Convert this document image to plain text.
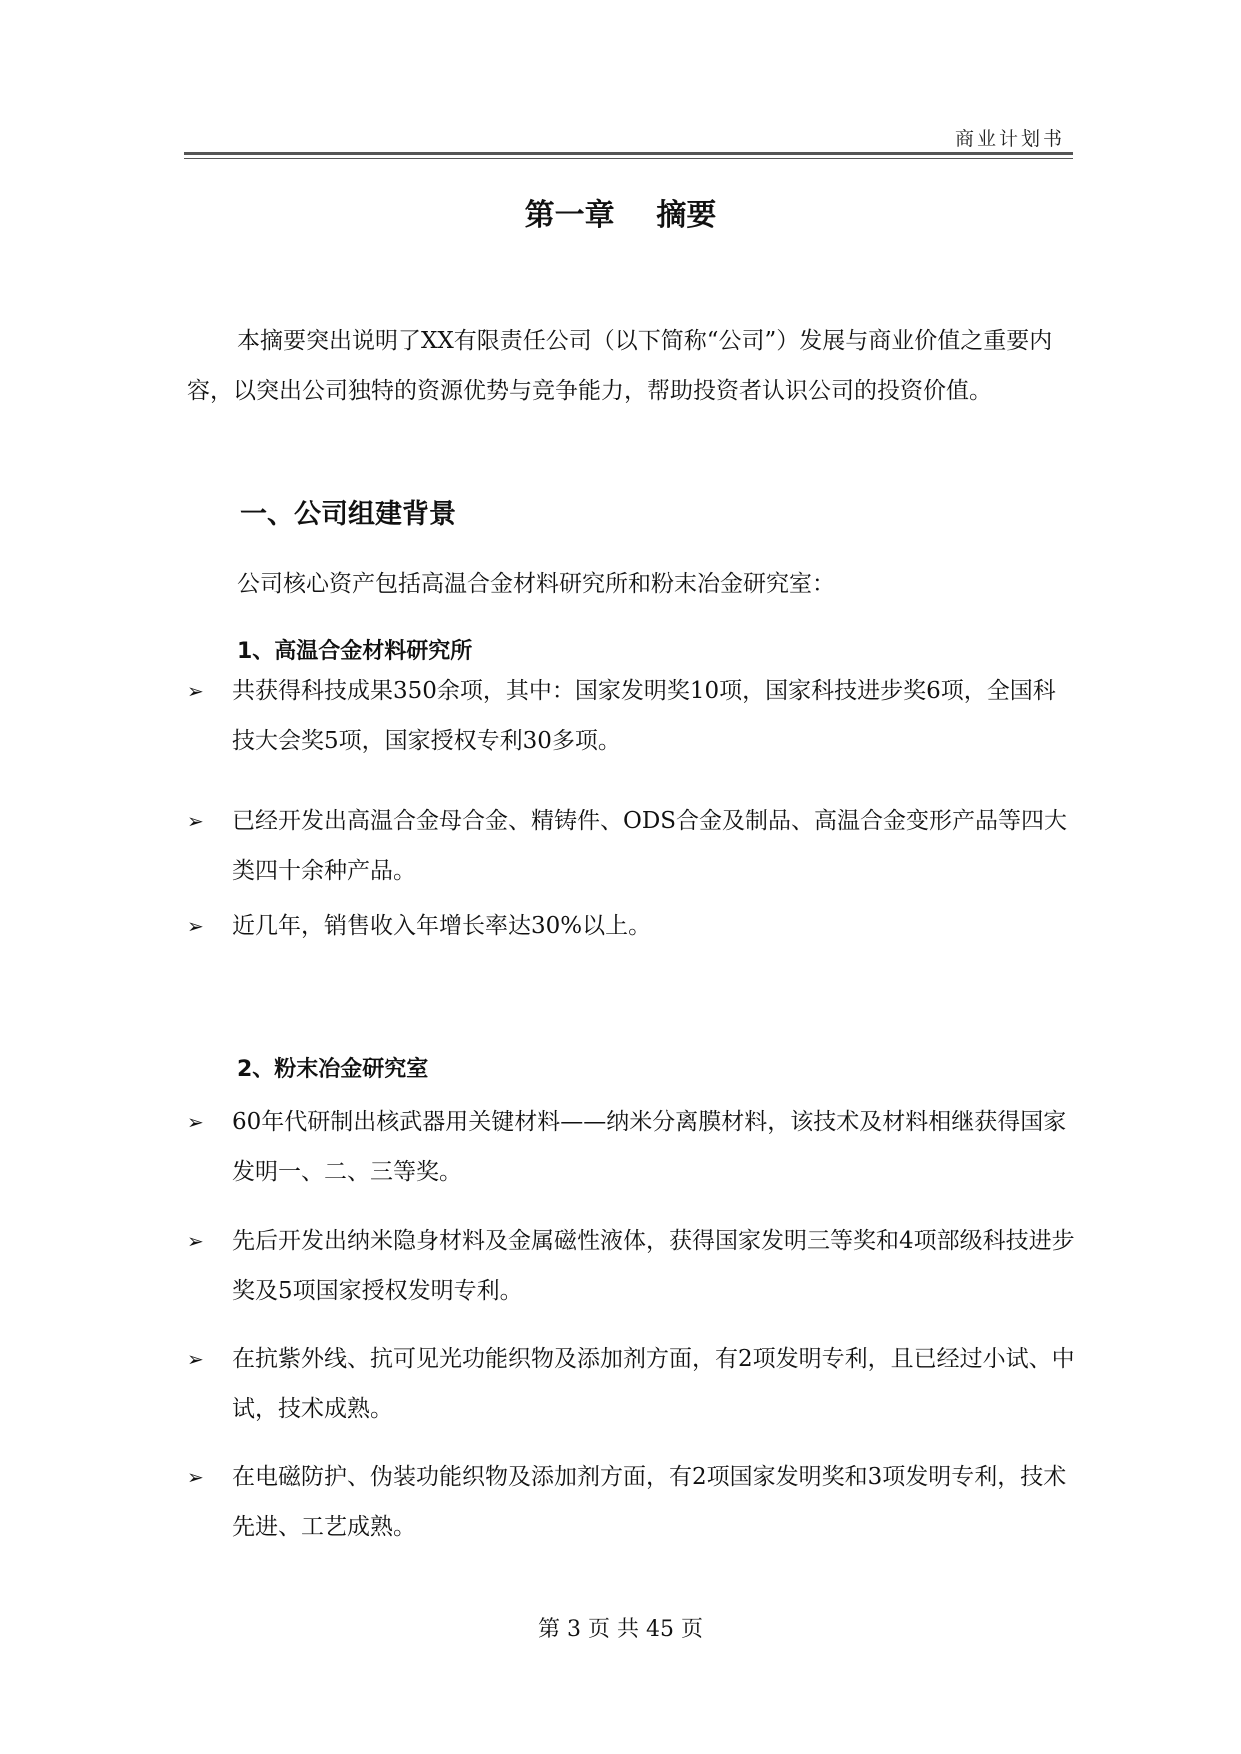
商业计划书
第一章    摘要
本摘要突出说明了XX有限责任公司（以下简称“公司”）发展与商业价值之重要内容，以突出公司独特的资源优势与竞争能力，帮助投资者认识公司的投资价值。
一、公司组建背景
公司核心资产包括高温合金材料研究所和粉末冶金研究室：
1、高温合金材料研究所
➢ 共获得科技成果350余项，其中：国家发明奖10项，国家科技进步奖6项，全国科技大会奖5项，国家授权专利30多项。
➢ 已经开发出高温合金母合金、精铸件、ODS合金及制品、高温合金变形产品等四大类四十余种产品。
➢ 近几年，销售收入年增长率达30%以上。
2、粉末冶金研究室
➢ 60年代研制出核武器用关键材料——纳米分离膜材料，该技术及材料相继获得国家发明一、二、三等奖。
➢ 先后开发出纳米隐身材料及金属磁性液体，获得国家发明三等奖和4项部级科技进步奖及5项国家授权发明专利。
➢ 在抗紫外线、抗可见光功能织物及添加剂方面，有2项发明专利，且已经过小试、中试，技术成熟。
➢ 在电磁防护、伪装功能织物及添加剂方面，有2项国家发明奖和3项发明专利，技术先进、工艺成熟。
第 3 页 共 45 页
